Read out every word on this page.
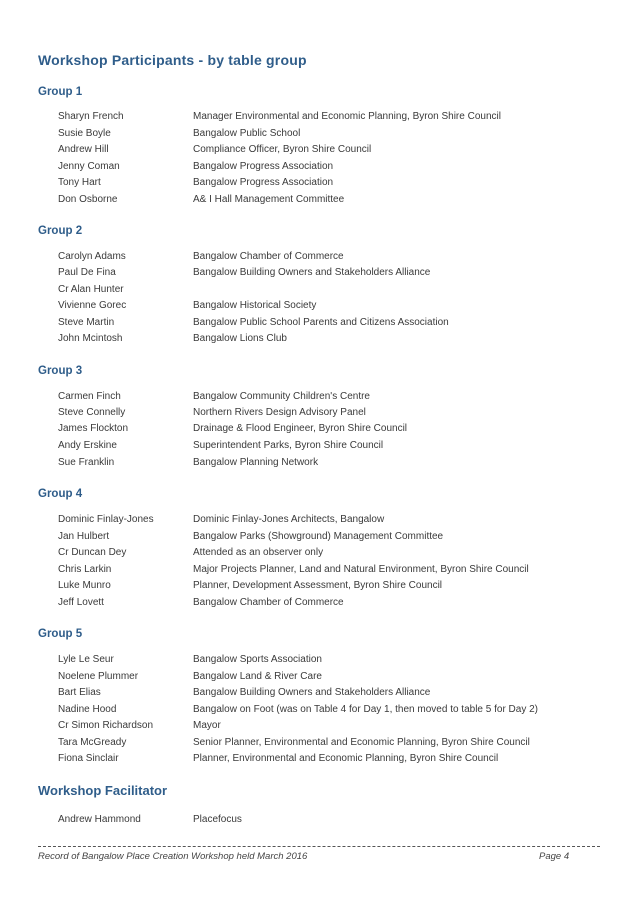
Workshop Participants - by table group
Group 1
Sharyn French	Manager Environmental and Economic Planning, Byron Shire Council
Susie Boyle	Bangalow Public School
Andrew Hill	Compliance Officer, Byron Shire Council
Jenny Coman	Bangalow Progress Association
Tony Hart	Bangalow Progress Association
Don Osborne	A& I Hall Management Committee
Group 2
Carolyn Adams	Bangalow Chamber of Commerce
Paul De Fina	Bangalow Building Owners and Stakeholders Alliance
Cr Alan Hunter
Vivienne Gorec	Bangalow Historical Society
Steve Martin	Bangalow Public School Parents and Citizens Association
John Mcintosh	Bangalow Lions Club
Group 3
Carmen Finch	Bangalow Community Children's Centre
Steve Connelly	Northern Rivers Design Advisory Panel
James Flockton	Drainage & Flood Engineer, Byron Shire Council
Andy Erskine	Superintendent Parks, Byron Shire Council
Sue Franklin	Bangalow Planning Network
Group 4
Dominic Finlay-Jones	Dominic Finlay-Jones Architects, Bangalow
Jan Hulbert	Bangalow Parks (Showground) Management Committee
Cr Duncan Dey	Attended as an observer only
Chris Larkin	Major Projects Planner, Land and Natural Environment, Byron Shire Council
Luke Munro	Planner, Development Assessment, Byron Shire Council
Jeff Lovett	Bangalow Chamber of Commerce
Group 5
Lyle Le Seur	Bangalow Sports Association
Noelene Plummer	Bangalow Land & River Care
Bart Elias	Bangalow Building Owners and Stakeholders Alliance
Nadine Hood	Bangalow on Foot (was on Table 4 for Day 1, then moved to table 5 for Day 2)
Cr Simon Richardson	Mayor
Tara McGready	Senior Planner, Environmental and Economic Planning, Byron Shire Council
Fiona Sinclair	Planner, Environmental and Economic Planning, Byron Shire Council
Workshop Facilitator
Andrew Hammond	Placefocus
Record of Bangalow Place Creation Workshop held March 2016	Page 4
